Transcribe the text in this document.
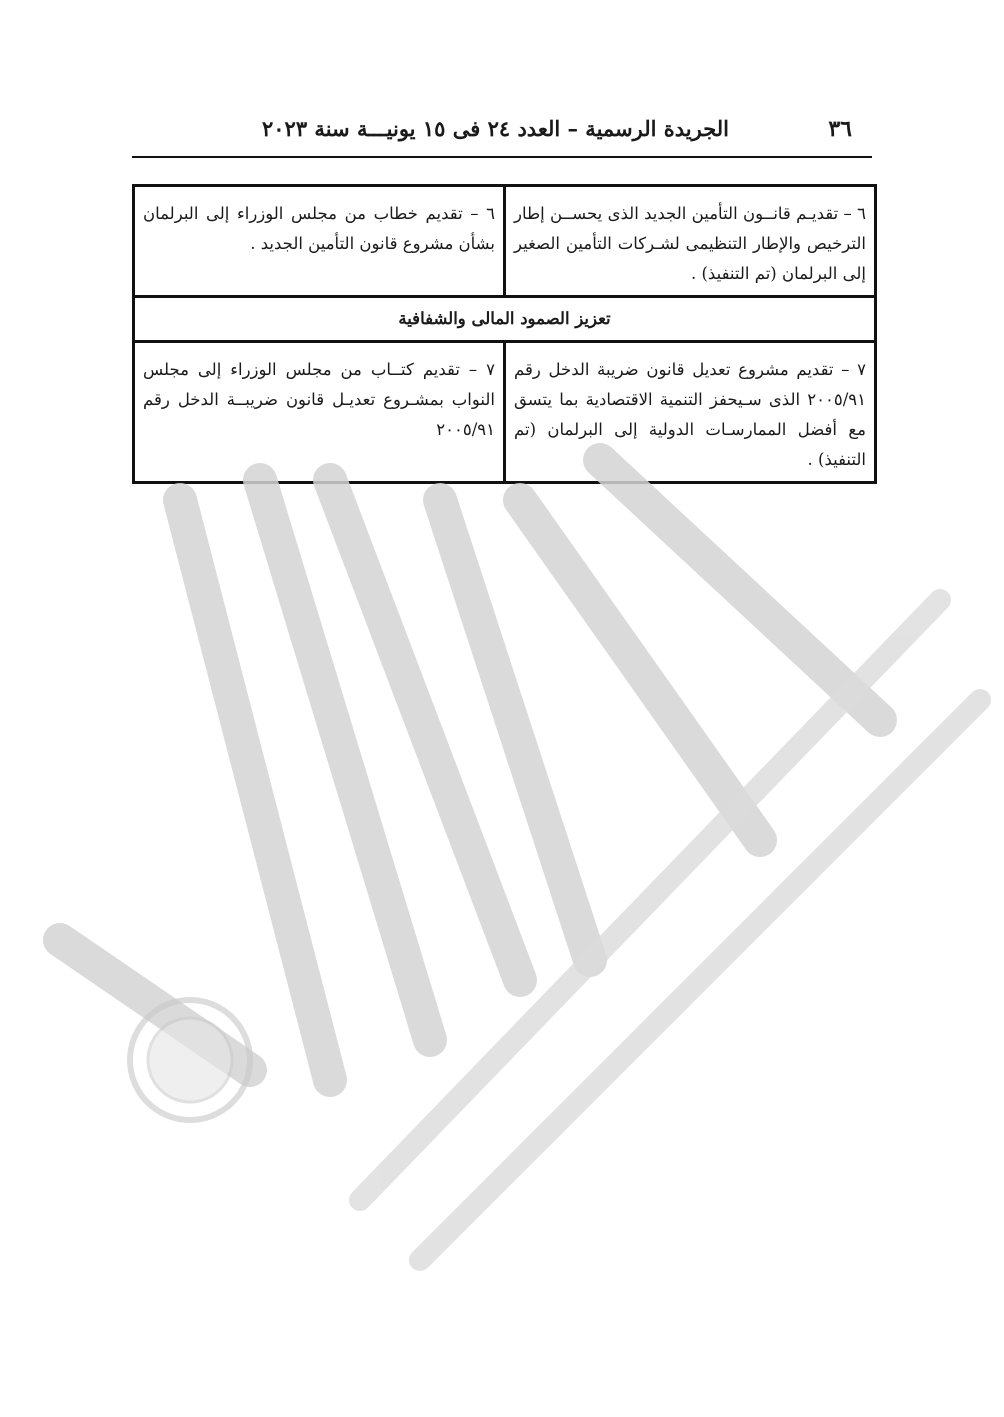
٣٦
الجريدة الرسمية – العدد ٢٤ فى ١٥ يونيـــة سنة ٢٠٢٣
٦ – تقديـم قانــون التأمين الجديد الذى يحســن إطار الترخيص والإطار التنظيمى لشـركات التأمين الصغير إلى البرلمان (تم التنفيذ) .	٦ – تقديم خطاب من مجلس الوزراء إلى البرلمان بشأن مشروع قانون التأمين الجديد .
تعزيز الصمود المالى والشفافية	
٧ – تقديم مشروع تعديل قانون ضريبة الدخل رقم ٢٠٠٥/٩١ الذى سـيحفز التنمية الاقتصادية بما يتسق مع أفضل الممارسـات الدولية إلى البرلمان (تم التنفيذ) .	٧ – تقديم كتــاب من مجلس الوزراء إلى مجلس النواب بمشـروع تعديـل قانون ضريبــة الدخل رقم ٢٠٠٥/٩١
